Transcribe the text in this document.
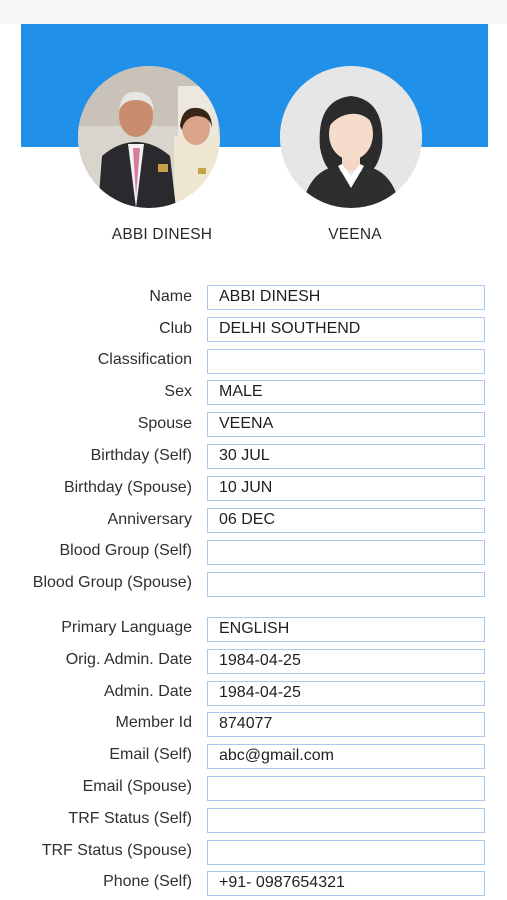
ABBI DINESH	VEENA
Name	ABBI DINESH
Club	DELHI SOUTHEND
Classification
Sex	MALE
Spouse	VEENA
Birthday (Self)	30 JUL
Birthday (Spouse)	10 JUN
Anniversary	06 DEC
Blood Group (Self)
Blood Group (Spouse)
Primary Language	ENGLISH
Orig. Admin. Date	1984-04-25
Admin. Date	1984-04-25
Member Id	874077
Email (Self)	abc@gmail.com
Email (Spouse)
TRF Status (Self)
TRF Status (Spouse)
Phone (Self)	+91- 0987654321
